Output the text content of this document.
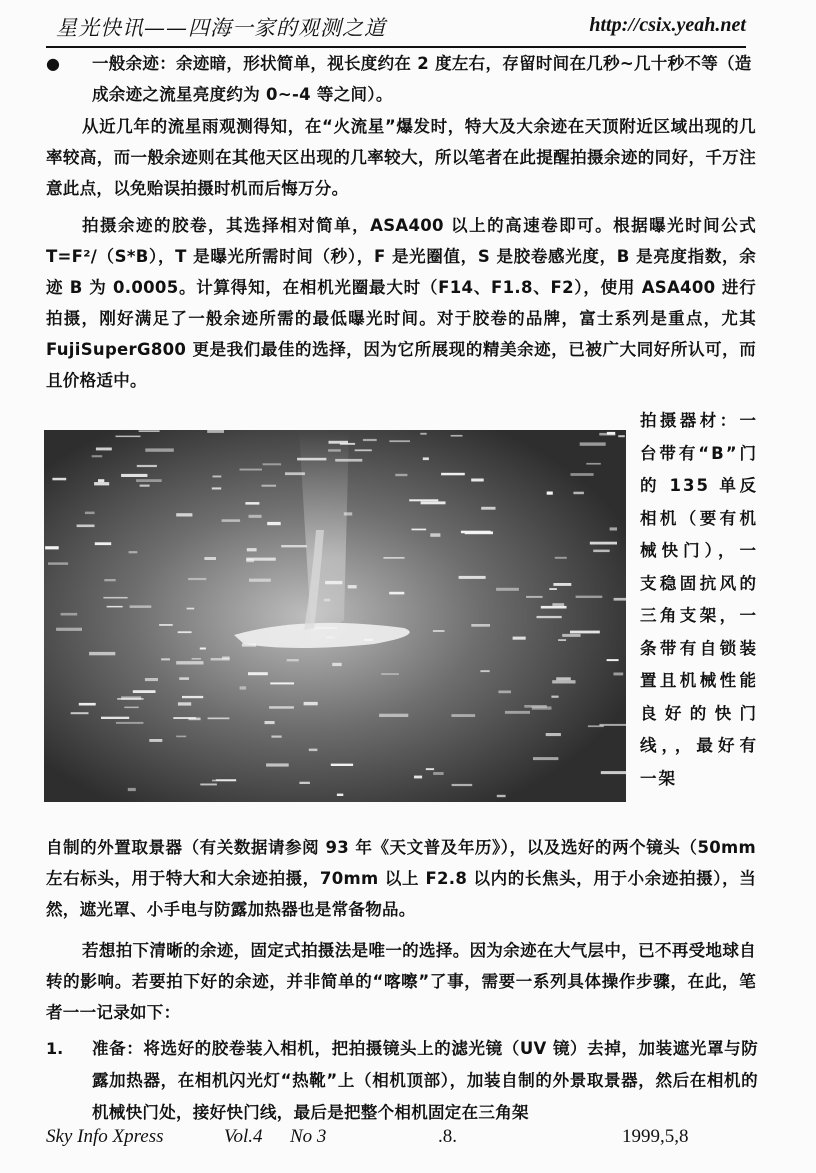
星光快讯——四海一家的观测之道	http://csix.yeah.net
● 一般余迹：余迹暗，形状简单，视长度约在 2 度左右，存留时间在几秒~几十秒不等（造成余迹之流星亮度约为 0~-4 等之间）。

从近几年的流星雨观测得知，在“火流星”爆发时，特大及大余迹在天顶附近区域出现的几率较高，而一般余迹则在其他天区出现的几率较大，所以笔者在此提醒拍摄余迹的同好，千万注意此点，以免贻误拍摄时机而后悔万分。

拍摄余迹的胶卷，其选择相对简单，ASA400 以上的高速卷即可。根据曝光时间公式 T=F²/（S*B），T 是曝光所需时间（秒），F 是光圈值，S 是胶卷感光度，B 是亮度指数，余迹 B 为 0.0005。计算得知，在相机光圈最大时（F14、F1.8、F2），使用 ASA400 进行拍摄，刚好满足了一般余迹所需的最低曝光时间。对于胶卷的品牌，富士系列是重点，尤其 FujiSuperG800 更是我们最佳的选择，因为它所展现的精美余迹，已被广大同好所认可，而且价格适中。

拍摄器材：一台带有“B”门的 135 单反相机（要有机械快门），一支稳固抗风的三角支架，一条带有自锁装置且机械性能良好的快门线，，最好有一架

自制的外置取景器（有关数据请参阅 93 年《天文普及年历》），以及选好的两个镜头（50mm 左右标头，用于特大和大余迹拍摄，70mm 以上 F2.8 以内的长焦头，用于小余迹拍摄），当然，遮光罩、小手电与防露加热器也是常备物品。

若想拍下清晰的余迹，固定式拍摄法是唯一的选择。因为余迹在大气层中，已不再受地球自转的影响。若要拍下好的余迹，并非简单的“喀嚓”了事，需要一系列具体操作步骤，在此，笔者一一记录如下：

1. 准备：将选好的胶卷装入相机，把拍摄镜头上的滤光镜（UV 镜）去掉，加装遮光罩与防露加热器，在相机闪光灯“热靴”上（相机顶部），加装自制的外景取景器，然后在相机的机械快门处，接好快门线，最后是把整个相机固定在三角架

Sky Info Xpress	Vol.4 No 3	.8.	1999,5,8
